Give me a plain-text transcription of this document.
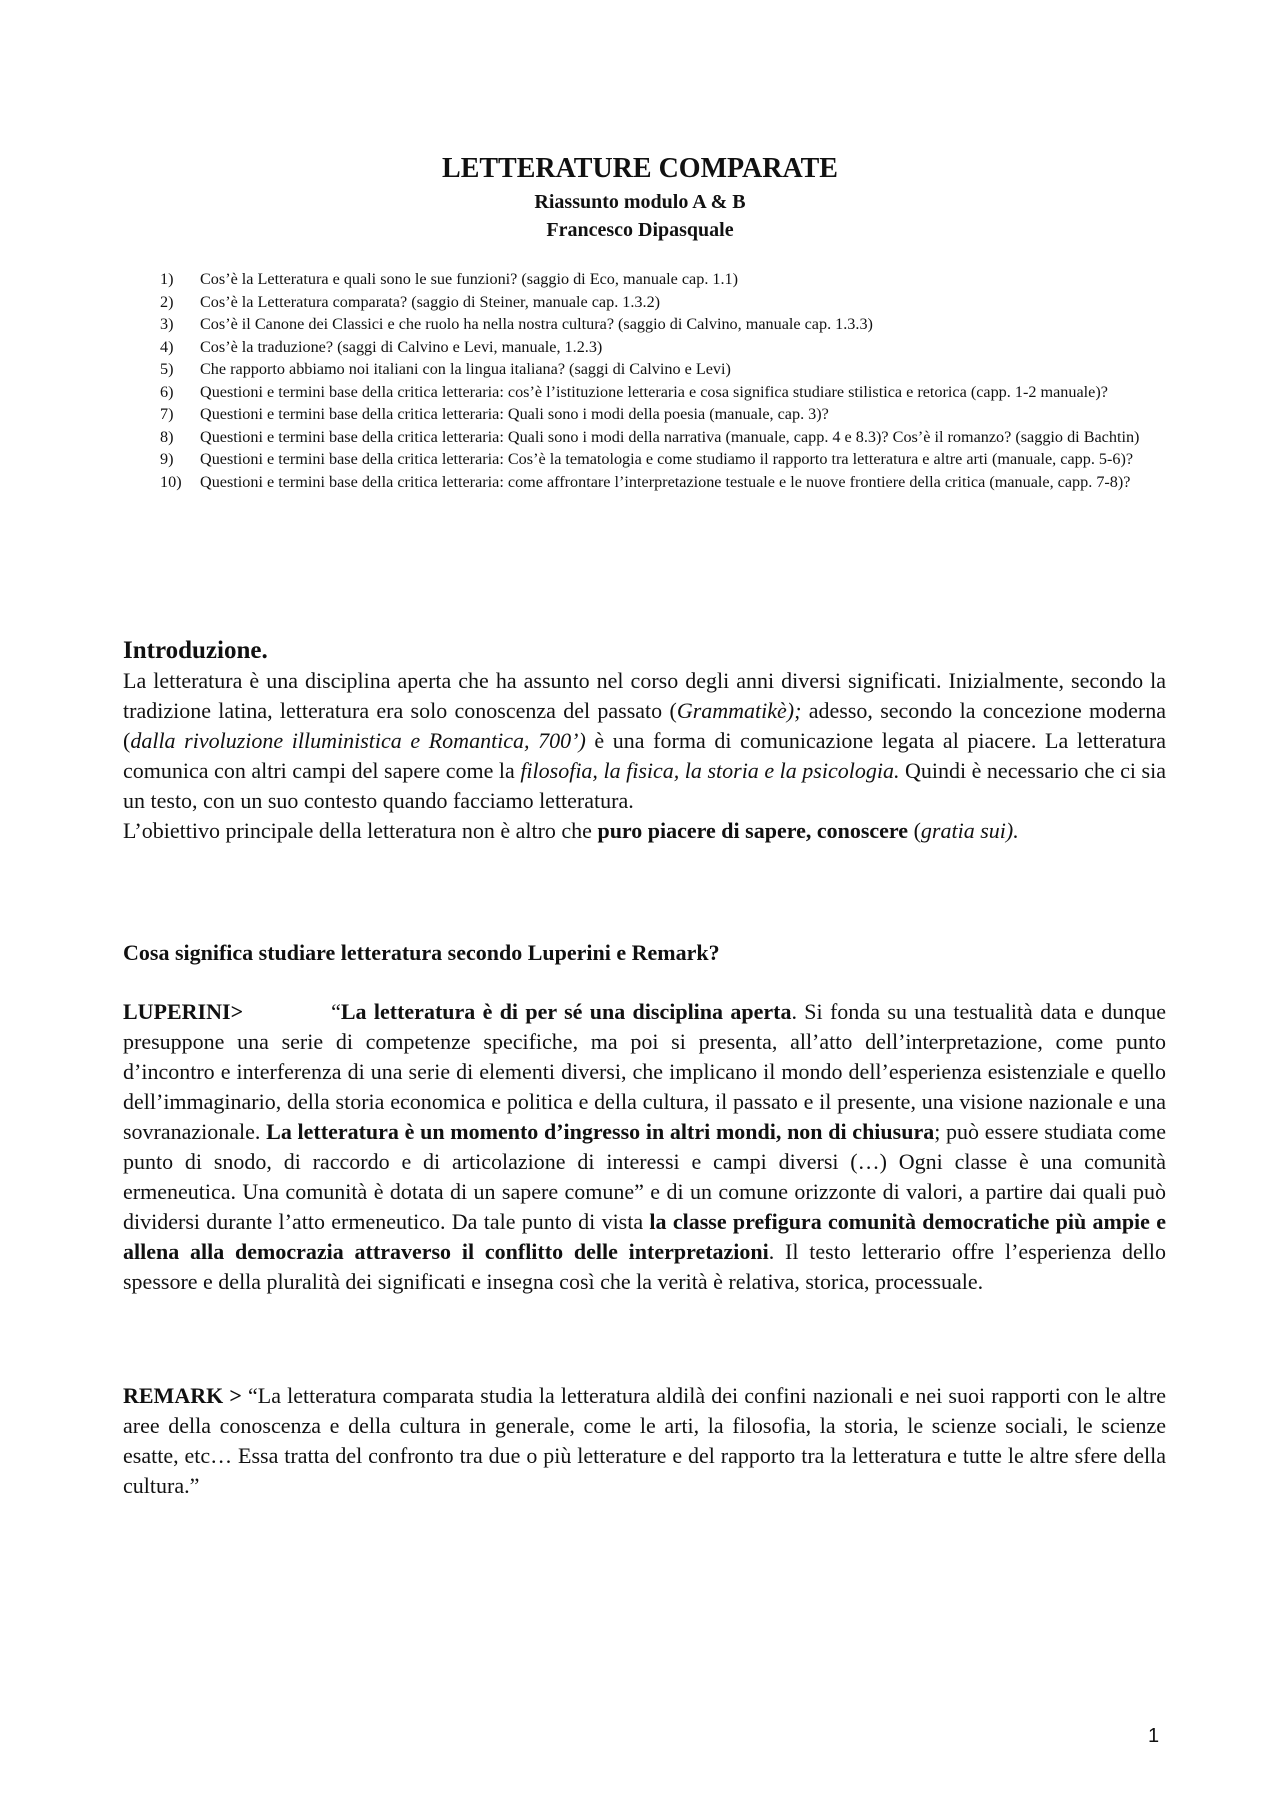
LETTERATURE COMPARATE
Riassunto modulo A & B
Francesco Dipasquale
1)	Cos’è la Letteratura e quali sono le sue funzioni? (saggio di Eco, manuale cap. 1.1)
2)	Cos’è la Letteratura comparata? (saggio di Steiner, manuale cap. 1.3.2)
3)	Cos’è il Canone dei Classici e che ruolo ha nella nostra cultura? (saggio di Calvino, manuale cap. 1.3.3)
4)	Cos’è la traduzione? (saggi di Calvino e Levi, manuale, 1.2.3)
5)	Che rapporto abbiamo noi italiani con la lingua italiana? (saggi di Calvino e Levi)
6)	Questioni e termini base della critica letteraria: cos’è l’istituzione letteraria e cosa significa studiare stilistica e retorica (capp. 1-2 manuale)?
7)	Questioni e termini base della critica letteraria: Quali sono i modi della poesia (manuale, cap. 3)?
8)	Questioni e termini base della critica letteraria: Quali sono i modi della narrativa (manuale, capp. 4 e 8.3)? Cos’è il romanzo? (saggio di Bachtin)
9)	Questioni e termini base della critica letteraria: Cos’è la tematologia e come studiamo il rapporto tra letteratura e altre arti (manuale, capp. 5-6)?
10)	Questioni e termini base della critica letteraria: come affrontare l’interpretazione testuale e le nuove frontiere della critica (manuale, capp. 7-8)?
Introduzione.

La letteratura è una disciplina aperta che ha assunto nel corso degli anni diversi significati. Inizialmente, secondo la tradizione latina, letteratura era solo conoscenza del passato (Grammatikè); adesso, secondo la concezione moderna (dalla rivoluzione illuministica e Romantica, 700’) è una forma di comunicazione legata al piacere. La letteratura comunica con altri campi del sapere come la filosofia, la fisica, la storia e la psicologia. Quindi è necessario che ci sia un testo, con un suo contesto quando facciamo letteratura.
L’obiettivo principale della letteratura non è altro che puro piacere di sapere, conoscere (gratia sui).

Cosa significa studiare letteratura secondo Luperini e Remark?

LUPERINI>	“La letteratura è di per sé una disciplina aperta. Si fonda su una testualità data e dunque presuppone una serie di competenze specifiche, ma poi si presenta, all’atto dell’interpretazione, come punto d’incontro e interferenza di una serie di elementi diversi, che implicano il mondo dell’esperienza esistenziale e quello dell’immaginario, della storia economica e politica e della cultura, il passato e il presente, una visione nazionale e una sovranazionale. La letteratura è un momento d’ingresso in altri mondi, non di chiusura; può essere studiata come punto di snodo, di raccordo e di articolazione di interessi e campi diversi (…) Ogni classe è una comunità ermeneutica. Una comunità è dotata di un sapere comune” e di un comune orizzonte di valori, a partire dai quali può dividersi durante l’atto ermeneutico. Da tale punto di vista la classe prefigura comunità democratiche più ampie e allena alla democrazia attraverso il conflitto delle interpretazioni. Il testo letterario offre l’esperienza dello spessore e della pluralità dei significati e insegna così che la verità è relativa, storica, processuale.

REMARK > “La letteratura comparata studia la letteratura aldilà dei confini nazionali e nei suoi rapporti con le altre aree della conoscenza e della cultura in generale, come le arti, la filosofia, la storia, le scienze sociali, le scienze esatte, etc… Essa tratta del confronto tra due o più letterature e del rapporto tra la letteratura e tutte le altre sfere della cultura.”

1
